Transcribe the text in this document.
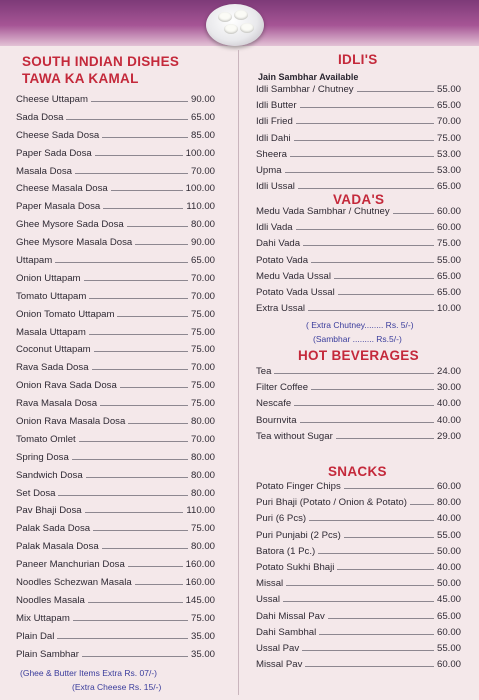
SOUTH INDIAN DISHES
TAWA KA KAMAL
Cheese Uttapam	90.00
Sada Dosa	65.00
Cheese Sada Dosa	85.00
Paper Sada Dosa	100.00
Masala Dosa	70.00
Cheese Masala Dosa	100.00
Paper Masala Dosa	110.00
Ghee Mysore Sada Dosa	80.00
Ghee Mysore Masala Dosa	90.00
Uttapam	65.00
Onion Uttapam	70.00
Tomato Uttapam	70.00
Onion Tomato Uttapam	75.00
Masala Uttapam	75.00
Coconut Uttapam	75.00
Rava Sada Dosa	70.00
Onion Rava Sada Dosa	75.00
Rava Masala Dosa	75.00
Onion Rava Masala Dosa	80.00
Tomato Omlet	70.00
Spring Dosa	80.00
Sandwich Dosa	80.00
Set Dosa	80.00
Pav Bhaji Dosa	110.00
Palak Sada Dosa	75.00
Palak Masala Dosa	80.00
Paneer Manchurian Dosa	160.00
Noodles Schezwan Masala	160.00
Noodles Masala	145.00
Mix Uttapam	75.00
Plain Dal	35.00
Plain Sambhar	35.00

(Ghee & Butter Items Extra Rs. 07/-)

(Extra Cheese Rs. 15/-)

IDLI'S

Jain Sambhar Available

Idli Sambhar / Chutney	55.00
Idli Butter	65.00
Idli Fried	70.00
Idli Dahi	75.00
Sheera	53.00
Upma	53.00
Idli Ussal	65.00
VADA'S
Medu Vada Sambhar / Chutney	60.00
Idli Vada	60.00
Dahi Vada	75.00
Potato Vada	55.00
Medu Vada Ussal	65.00
Potato Vada Ussal	65.00
Extra Ussal	10.00

( Extra Chutney........ Rs. 5/-)

(Sambhar ......... Rs.5/-)

HOT BEVERAGES
Tea	24.00
Filter Coffee	30.00
Nescafe	40.00
Bournvita	40.00
Tea without Sugar	29.00
SNACKS
Potato Finger Chips	60.00
Puri Bhaji (Potato / Onion & Potato)	80.00
Puri (6 Pcs)	40.00
Puri Punjabi (2 Pcs)	55.00
Batora (1 Pc.)	50.00
Potato Sukhi Bhaji	40.00
Missal	50.00
Ussal	45.00
Dahi Missal Pav	65.00
Dahi Sambhal	60.00
Ussal Pav	55.00
Missal Pav	60.00
